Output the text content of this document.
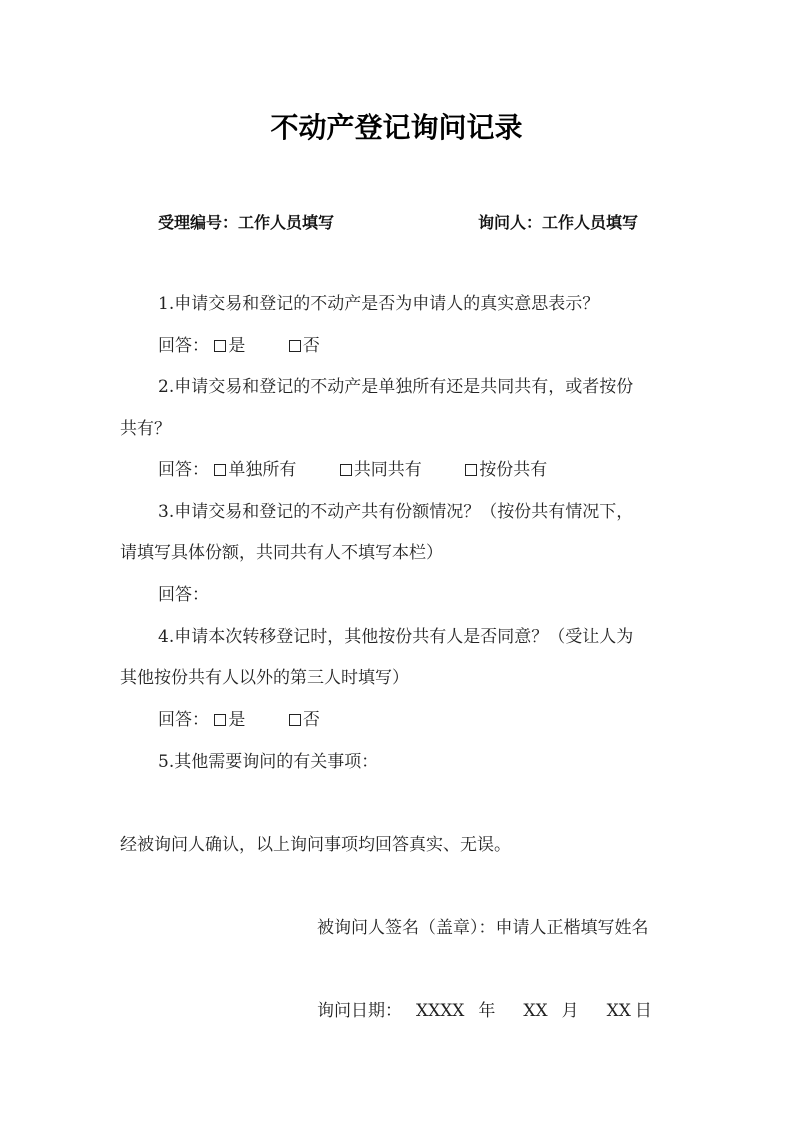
不动产登记询问记录
受理编号：工作人员填写	询问人：工作人员填写
1.申请交易和登记的不动产是否为申请人的真实意思表示？
回答： 是	否
2.申请交易和登记的不动产是单独所有还是共同共有，或者按份
共有？
回答： 单独所有	共同共有	按份共有
3.申请交易和登记的不动产共有份额情况？（按份共有情况下，
请填写具体份额，共同共有人不填写本栏）
回答：
4.申请本次转移登记时，其他按份共有人是否同意？（受让人为
其他按份共有人以外的第三人时填写）
回答： 是	否
5.其他需要询问的有关事项：
经被询问人确认，以上询问事项均回答真实、无误。
被询问人签名（盖章）：申请人正楷填写姓名
询问日期： XXXX 年 XX 月 XX 日
